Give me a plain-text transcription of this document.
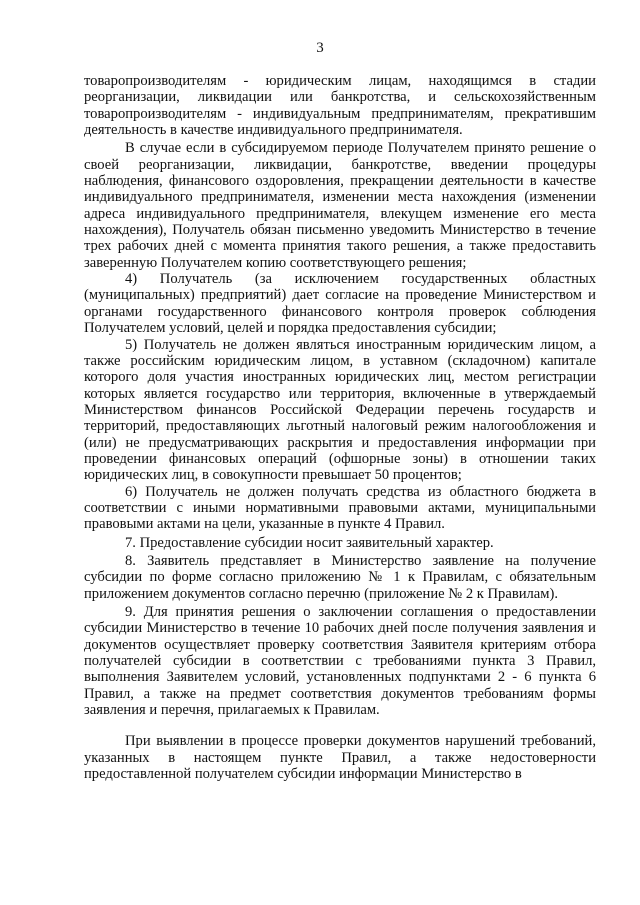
3

товаропроизводителям - юридическим лицам, находящимся в стадии реорганизации, ликвидации или банкротства, и сельскохозяйственным товаропроизводителям - индивидуальным предпринимателям, прекратившим деятельность в качестве индивидуального предпринимателя.

В случае если в субсидируемом периоде Получателем принято решение о своей реорганизации, ликвидации, банкротстве, введении процедуры наблюдения, финансового оздоровления, прекращении деятельности в качестве индивидуального предпринимателя, изменении места нахождения (изменении адреса индивидуального предпринимателя, влекущем изменение его места нахождения), Получатель обязан письменно уведомить Министерство в течение трех рабочих дней с момента принятия такого решения, а также предоставить заверенную Получателем копию соответствующего решения;

4) Получатель (за исключением государственных областных (муниципальных) предприятий) дает согласие на проведение Министерством и органами государственного финансового контроля проверок соблюдения Получателем условий, целей и порядка предоставления субсидии;

5) Получатель не должен являться иностранным юридическим лицом, а также российским юридическим лицом, в уставном (складочном) капитале которого доля участия иностранных юридических лиц, местом регистрации которых является государство или территория, включенные в утверждаемый Министерством финансов Российской Федерации перечень государств и территорий, предоставляющих льготный налоговый режим налогообложения и (или) не предусматривающих раскрытия и предоставления информации при проведении финансовых операций (офшорные зоны) в отношении таких юридических лиц, в совокупности превышает 50 процентов;

6) Получатель не должен получать средства из областного бюджета в соответствии с иными нормативными правовыми актами, муниципальными правовыми актами на цели, указанные в пункте 4 Правил.

7. Предоставление субсидии носит заявительный характер.

8. Заявитель представляет в Министерство заявление на получение субсидии по форме согласно приложению № 1 к Правилам, с обязательным приложением документов согласно перечню (приложение № 2 к Правилам).

9. Для принятия решения о заключении соглашения о предоставлении субсидии Министерство в течение 10 рабочих дней после получения заявления и документов осуществляет проверку соответствия Заявителя критериям отбора получателей субсидии в соответствии с требованиями пункта 3 Правил, выполнения Заявителем условий, установленных подпунктами 2 - 6 пункта 6 Правил, а также на предмет соответствия документов требованиям формы заявления и перечня, прилагаемых к Правилам.

При выявлении в процессе проверки документов нарушений требований, указанных в настоящем пункте Правил, а также недостоверности предоставленной получателем субсидии информации Министерство в
